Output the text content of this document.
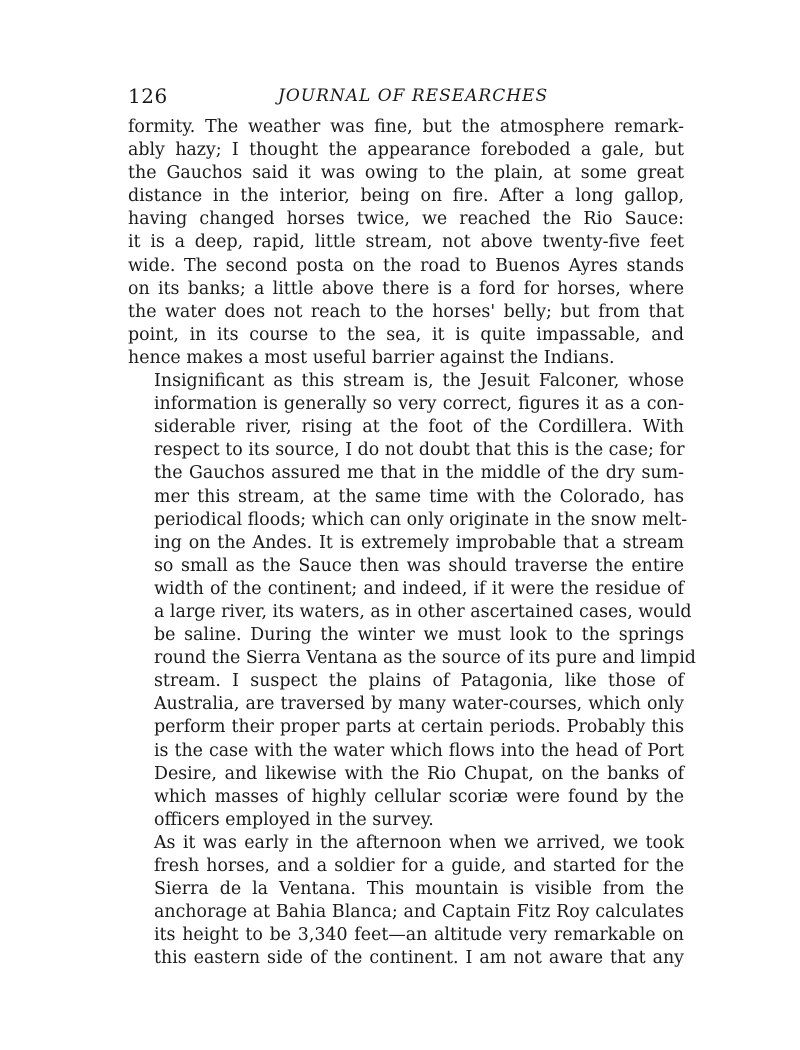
126	JOURNAL OF RESEARCHES
formity. The weather was fine, but the atmosphere remark-
ably hazy; I thought the appearance foreboded a gale, but
the Gauchos said it was owing to the plain, at some great
distance in the interior, being on fire. After a long gallop,
having changed horses twice, we reached the Rio Sauce:
it is a deep, rapid, little stream, not above twenty-five feet
wide. The second posta on the road to Buenos Ayres stands
on its banks; a little above there is a ford for horses, where
the water does not reach to the horses' belly; but from that
point, in its course to the sea, it is quite impassable, and
hence makes a most useful barrier against the Indians.
Insignificant as this stream is, the Jesuit Falconer, whose
information is generally so very correct, figures it as a con-
siderable river, rising at the foot of the Cordillera. With
respect to its source, I do not doubt that this is the case; for
the Gauchos assured me that in the middle of the dry sum-
mer this stream, at the same time with the Colorado, has
periodical floods; which can only originate in the snow melt-
ing on the Andes. It is extremely improbable that a stream
so small as the Sauce then was should traverse the entire
width of the continent; and indeed, if it were the residue of
a large river, its waters, as in other ascertained cases, would
be saline. During the winter we must look to the springs
round the Sierra Ventana as the source of its pure and limpid
stream. I suspect the plains of Patagonia, like those of
Australia, are traversed by many water-courses, which only
perform their proper parts at certain periods. Probably this
is the case with the water which flows into the head of Port
Desire, and likewise with the Rio Chupat, on the banks of
which masses of highly cellular scoriæ were found by the
officers employed in the survey.
As it was early in the afternoon when we arrived, we took
fresh horses, and a soldier for a guide, and started for the
Sierra de la Ventana. This mountain is visible from the
anchorage at Bahia Blanca; and Captain Fitz Roy calculates
its height to be 3,340 feet—an altitude very remarkable on
this eastern side of the continent. I am not aware that any
